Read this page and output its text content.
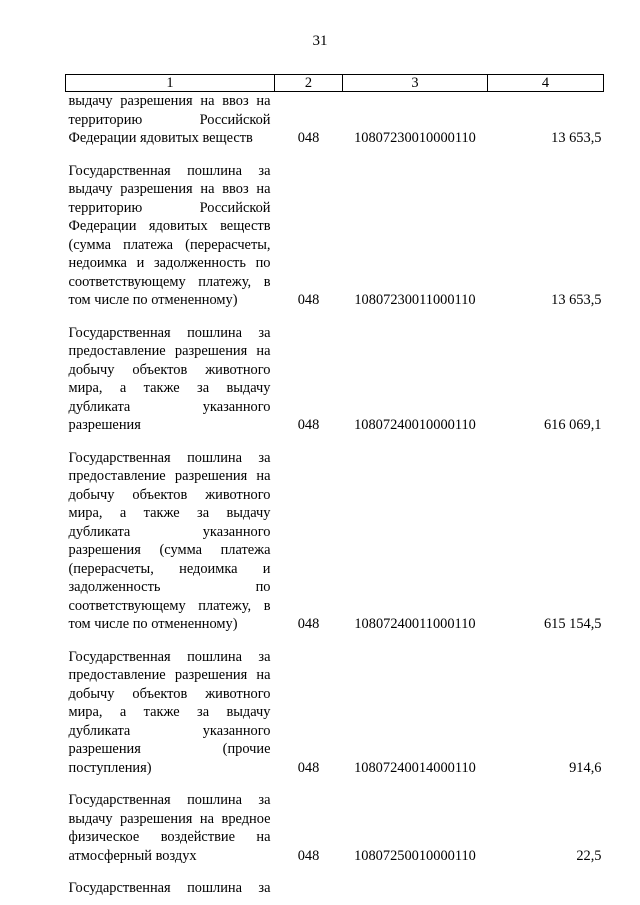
31
1	2	3	4
выдачу разрешения на ввоз на территорию Российской Федерации ядовитых веществ	048	10807230010000110	13 653,5
Государственная пошлина за выдачу разрешения на ввоз на территорию Российской Федерации ядовитых веществ (сумма платежа (перерасчеты, недоимка и задолженность по соответствующему платежу, в том числе по отмененному)	048	10807230011000110	13 653,5
Государственная пошлина за предоставление разрешения на добычу объектов животного мира, а также за выдачу дубликата указанного разрешения	048	10807240010000110	616 069,1
Государственная пошлина за предоставление разрешения на добычу объектов животного мира, а также за выдачу дубликата указанного разрешения (сумма платежа (перерасчеты, недоимка и задолженность по соответствующему платежу, в том числе по отмененному)	048	10807240011000110	615 154,5
Государственная пошлина за предоставление разрешения на добычу объектов животного мира, а также за выдачу дубликата указанного разрешения (прочие поступления)	048	10807240014000110	914,6
Государственная пошлина за выдачу разрешения на вредное физическое воздействие на атмосферный воздух	048	10807250010000110	22,5
Государственная пошлина за			
